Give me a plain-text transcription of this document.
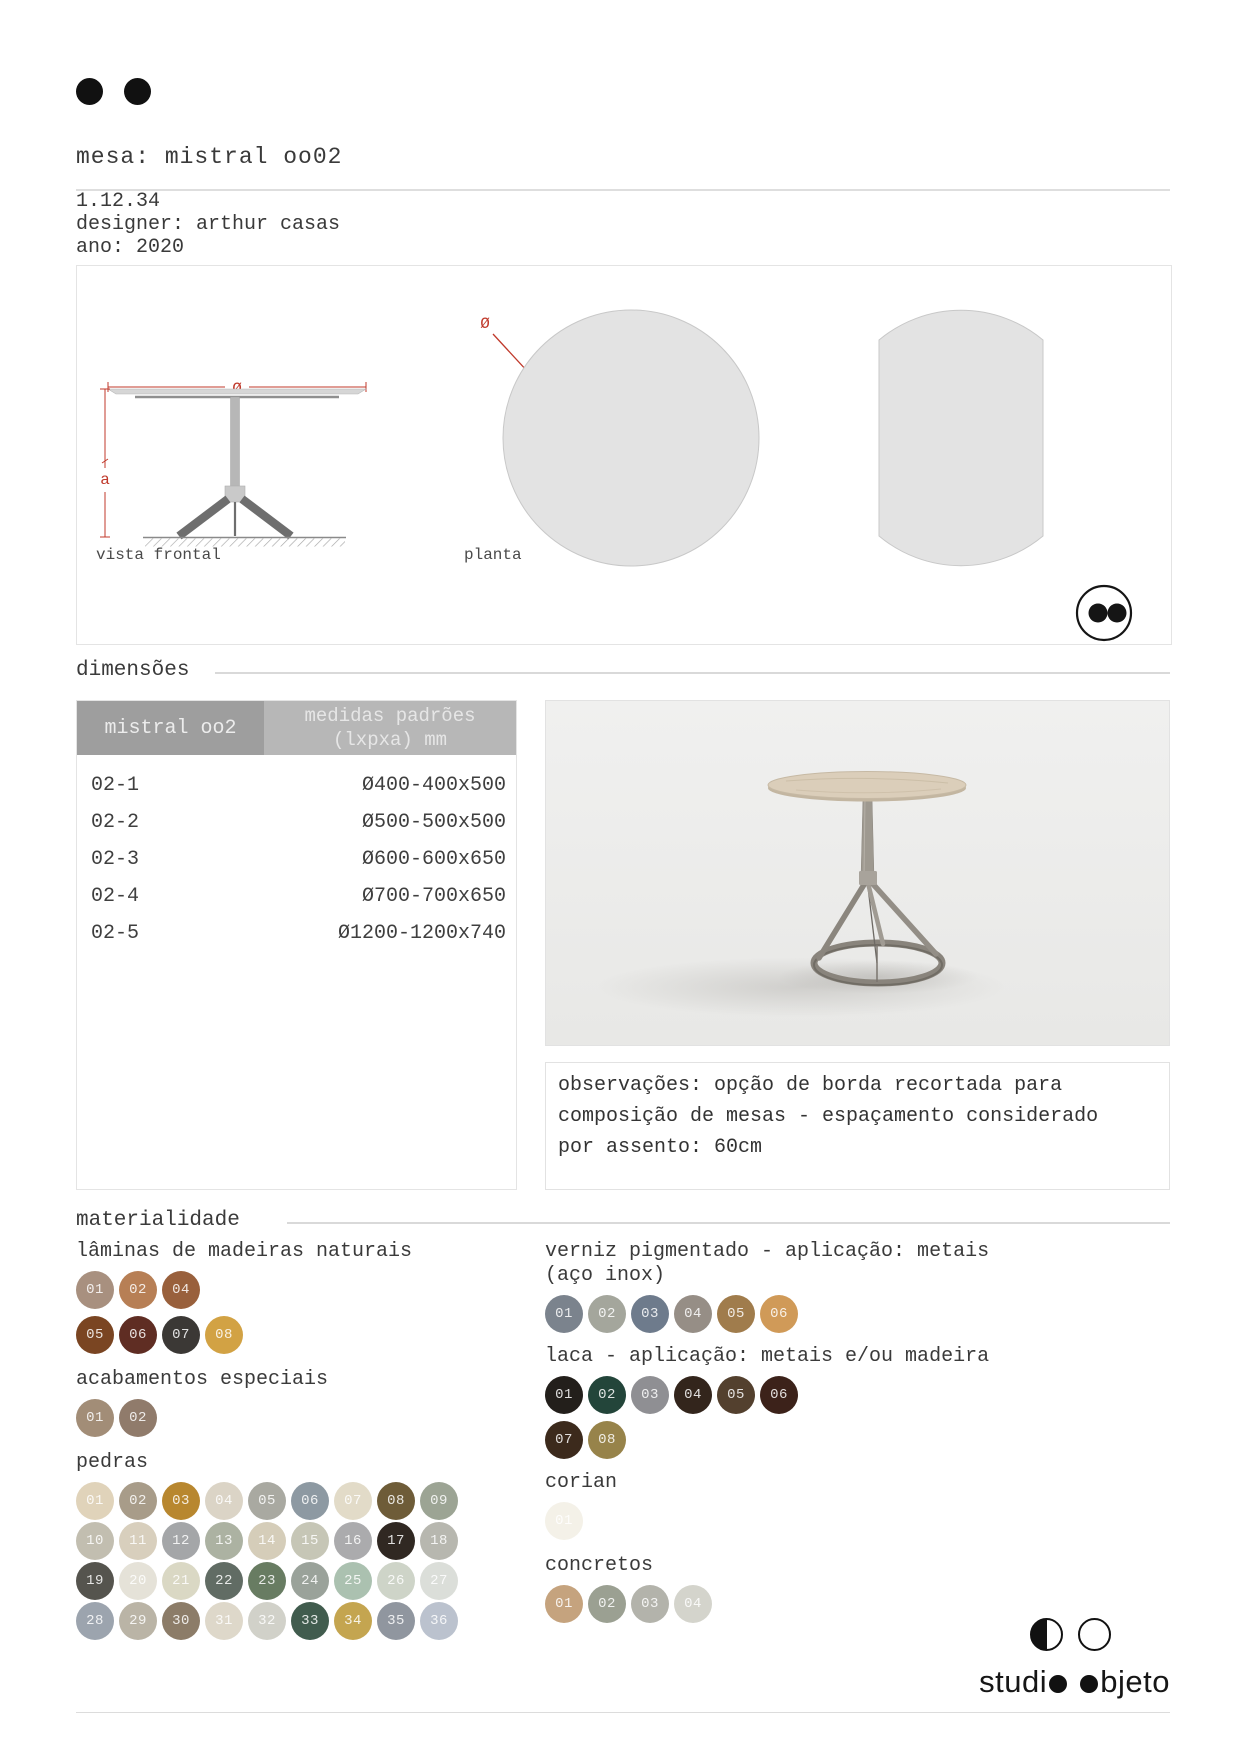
mesa: mistral oo02
1.12.34
designer: arthur casas
ano: 2020
a
vista frontal
Ø
planta
dimensões
mistral oo2
medidas padrões
(lxpxa) mm
02-1	Ø400-400x500
02-2	Ø500-500x500
02-3	Ø600-600x650
02-4	Ø700-700x650
02-5	Ø1200-1200x740
observações: opção de borda recortada para
composição de mesas - espaçamento considerado
por assento: 60cm
materialidade
lâminas de madeiras naturais
01	02	04
05	06	07	08
acabamentos especiais
01	02
pedras
01	02	03	04	05	06	07	08	09
10	11	12	13	14	15	16	17	18
19	20	21	22	23	24	25	26	27
28	29	30	31	32	33	34	35	36
verniz pigmentado - aplicação: metais
(aço inox)
01	02	03	04	05	06
laca - aplicação: metais e/ou madeira
01	02	03	04	05	06
07	08
corian
01
concretos
01	02	03	04
studi bjeto
